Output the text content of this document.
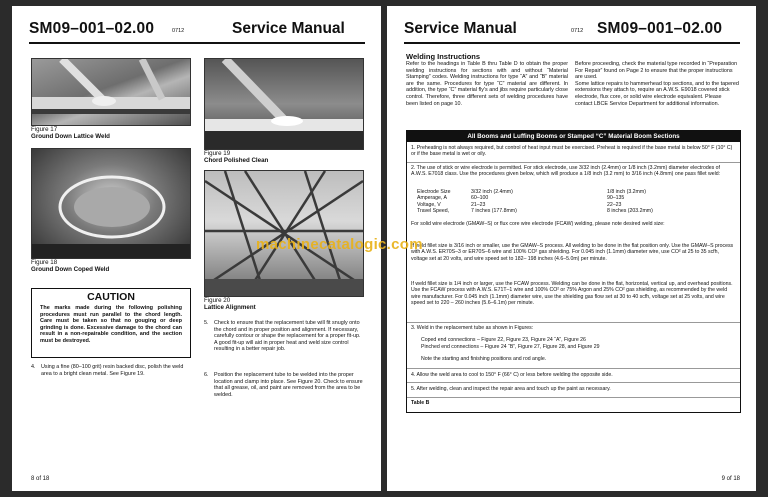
SM09–001–02.00	0712	Service Manual
Figure 17
Ground Down Lattice Weld
Figure 18
Ground Down Coped Weld
CAUTION
The marks made during the following polishing procedures must run parallel to the chord length. Care must be taken so that no gouging or deep grinding is done. Excessive damage to the chord can result in a non-repairable condition, and the section must be destroyed.
4. Using a fine (80–100 grit) resin backed disc, polish the weld area to a bright clean metal. See Figure 19.
Figure 19
Chord Polished Clean
Figure 20
Lattice Alignment
5. Check to ensure that the replacement tube will fit snugly onto the chord and in proper position and alignment. If necessary, carefully contour or shape the replacement for a proper fit-up. A good fit-up will aid in proper heat and weld size control resulting in a better repair job.
6. Position the replacement tube to be welded into the proper location and clamp into place. See Figure 20. Check to ensure that all grease, oil, and paint are removed from the area to be welded.
8 of 18
Service Manual	0712 SM09–001–02.00
Welding Instructions
Refer to the headings in Table B thru Table D to obtain the proper welding instructions for sections with and without “Material Stamping” codes. Welding instructions for type “A” and “B” material are the same. Procedures for type “C” material are different. In addition, the type “C” material fly's and jibs require particularly close control. Therefore, three different sets of welding procedures have been listed on page 10.
Before proceeding, check the material type recorded in “Preparation For Repair” found on Page 2 to ensure that the proper instructions are used.
Some lattice repairs to hammerhead top sections, and to the tapered extensions they attach to, require an A.W.S. E9018 covered stick electrode, flux core, or solid wire electrode equivalent. Please contact LBCE Service Department for additional information.
All Booms and Luffing Booms or Stamped “C” Material Boom Sections
1. Preheating is not always required, but control of heat input must be exercised. Preheat is required if the base metal is below 50° F (10° C) or if the base metal is wet or oily.
2. The use of stick or wire electrode is permitted. For stick electrode, use 3/32 inch (2.4mm) or 1/8 inch (3.2mm) diameter electrodes of A.W.S. E7018 class. Use the procedures given below, which will produce a 1/8 inch (3.2 mm) to 3/16 inch (4.8mm) one pass fillet weld:
Electrode Size	3/32 inch (2.4mm)	1/8 inch (3.2mm)
Amperage, A	60–100	90–135
Voltage, V	21–23	22–23
Travel Speed,	7 inches (177.8mm)	8 inches (203.2mm)
For solid wire electrode (GMAW–S) or flux core wire electrode (FCAW) welding, please note desired weld size:
If weld fillet size is 3/16 inch or smaller, use the GMAW–S process. All welding to be done in the flat position only. Use the GMAW–S process with A.W.S. ER70S–3 or ER70S–6 wire and 100% CO² gas shielding. For 0.045 inch (1.1mm) diameter wire, use CO² at 25 to 35 scfh, voltage set at 20 volts, and wire speed set to 182– 198 inches (4.6–5.0m) per minute.
If weld fillet size is 1/4 inch or larger, use the FCAW process. Welding can be done in the flat, horizontal, vertical up, and overhead positions. Use the FCAW process with A.W.S. E71T–1 wire and 100% CO² or 75% Argon and 25% CO² gas shielding, as recommended by the weld wire manufacturer. For 0.045 inch (1.1mm) diameter wire, use the shielding gas flow set at 30 to 40 scfh, voltage set at 25 volts, and wire speed set to 220 – 260 inches (5.6–6.1m) per minute.
3. Weld in the replacement tube as shown in Figures:
Coped end connections – Figure 22, Figure 23, Figure 24 “A”, Figure 26
Pinched end connections – Figure 24 “B”, Figure 27, Figure 28, and Figure 29
Note the starting and finishing positions and rod angle.
4. Allow the weld area to cool to 150° F (66° C) or less before welding the opposite side.
5. After welding, clean and inspect the repair area and touch up the paint as necessary.
Table B
9 of 18
machinecatalogic.com
